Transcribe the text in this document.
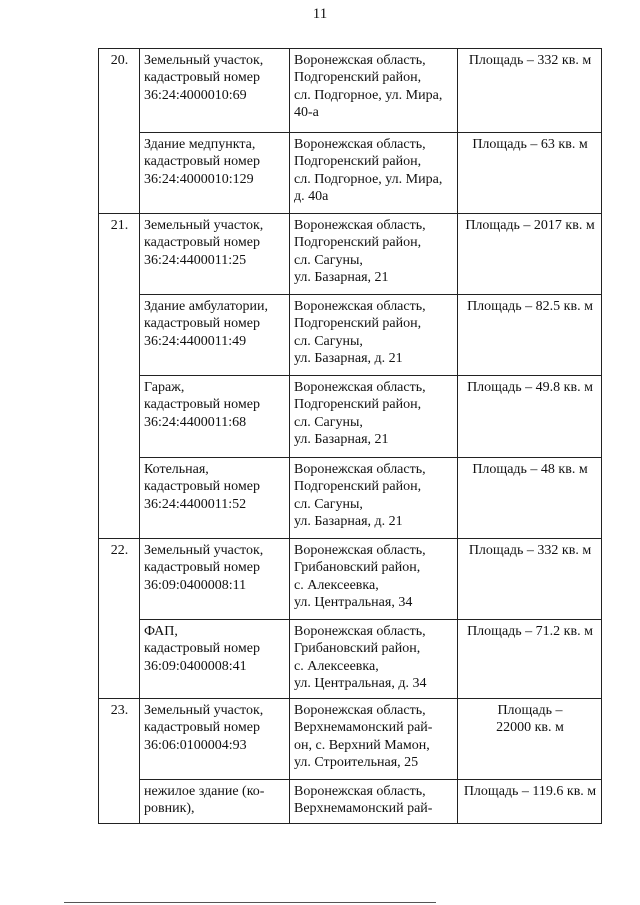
11
20.	Земельный участок,
кадастровый номер
36:24:4000010:69	Воронежская область,
Подгоренский район,
сл. Подгорное, ул. Мира,
40-а	Площадь – 332 кв. м
	Здание медпункта,
кадастровый номер
36:24:4000010:129	Воронежская область,
Подгоренский район,
сл. Подгорное, ул. Мира,
д. 40а	Площадь – 63 кв. м
21.	Земельный участок,
кадастровый номер
36:24:4400011:25	Воронежская область,
Подгоренский район,
сл. Сагуны,
ул. Базарная, 21	Площадь – 2017 кв. м
	Здание амбулатории,
кадастровый номер
36:24:4400011:49	Воронежская область,
Подгоренский район,
сл. Сагуны,
ул. Базарная, д. 21	Площадь – 82.5 кв. м
	Гараж,
кадастровый номер
36:24:4400011:68	Воронежская область,
Подгоренский район,
сл. Сагуны,
ул. Базарная, 21	Площадь – 49.8 кв. м
	Котельная,
кадастровый номер
36:24:4400011:52	Воронежская область,
Подгоренский район,
сл. Сагуны,
ул. Базарная, д. 21	Площадь – 48 кв. м
22.	Земельный участок,
кадастровый номер
36:09:0400008:11	Воронежская область,
Грибановский район,
с. Алексеевка,
ул. Центральная, 34	Площадь – 332 кв. м
	ФАП,
кадастровый номер
36:09:0400008:41	Воронежская область,
Грибановский район,
с. Алексеевка,
ул. Центральная, д. 34	Площадь – 71.2 кв. м
23.	Земельный участок,
кадастровый номер
36:06:0100004:93	Воронежская область,
Верхнемамонский рай-
он, с. Верхний Мамон,
ул. Строительная, 25	Площадь –
22000 кв. м
	нежилое здание (ко-
ровник),	Воронежская область,
Верхнемамонский рай-	Площадь – 119.6 кв. м
